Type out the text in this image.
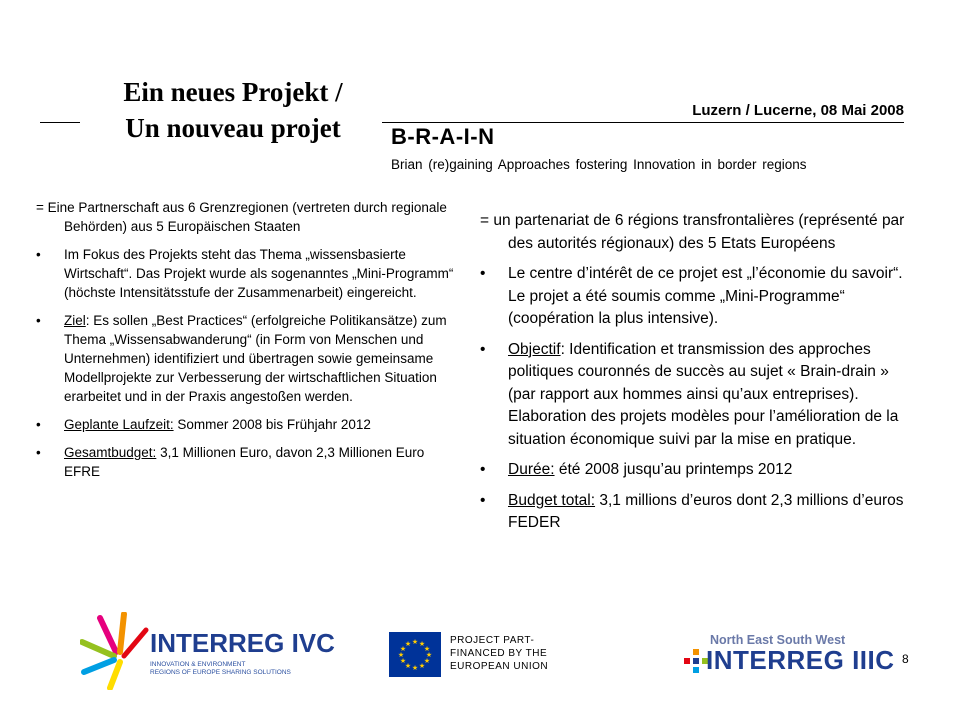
Ein neues Projekt /
Un nouveau projet
Luzern / Lucerne, 08 Mai 2008
B-R-A-I-N
Brian (re)gaining Approaches fostering Innovation in border regions
= Eine Partnerschaft aus 6 Grenzregionen (vertreten durch regionale Behörden) aus 5 Europäischen Staaten
• Im Fokus des Projekts steht das Thema „wissensbasierte Wirtschaft“. Das Projekt wurde als sogenanntes „Mini-Programm“ (höchste Intensitätsstufe der Zusammenarbeit) eingereicht.
• Ziel: Es sollen „Best Practices“ (erfolgreiche Politikansätze) zum Thema „Wissensabwanderung“ (in Form von Menschen und Unternehmen) identifiziert und übertragen sowie gemeinsame Modellprojekte zur Verbesserung der wirtschaftlichen Situation erarbeitet und in der Praxis angestoßen werden.
• Geplante Laufzeit: Sommer 2008 bis Frühjahr 2012
• Gesamtbudget: 3,1 Millionen Euro, davon 2,3 Millionen Euro EFRE
= un partenariat de 6 régions transfrontalières (représenté par des autorités régionaux) des 5 Etats Européens
• Le centre d’intérêt de ce projet est „l’économie du savoir“. Le projet a été soumis comme „Mini-Programme“ (coopération la plus intensive).
• Objectif: Identification et transmission des approches politiques couronnés de succès au sujet « Brain-drain » (par rapport aux hommes ainsi qu’aux entreprises). Elaboration des projets modèles pour l’amélioration de la situation économique suivi par la mise en pratique.
• Durée: été 2008 jusqu’au printemps 2012
• Budget total: 3,1 millions d’euros dont 2,3 millions d’euros FEDER
INTERREG IVC
INNOVATION & ENVIRONMENT
REGIONS OF EUROPE SHARING SOLUTIONS
★ ★
★
★
★
★
★
★
★
★
★
★	PROJECT PART-FINANCED BY THE EUROPEAN UNION
North East South West
INTERREG IIIC 8
